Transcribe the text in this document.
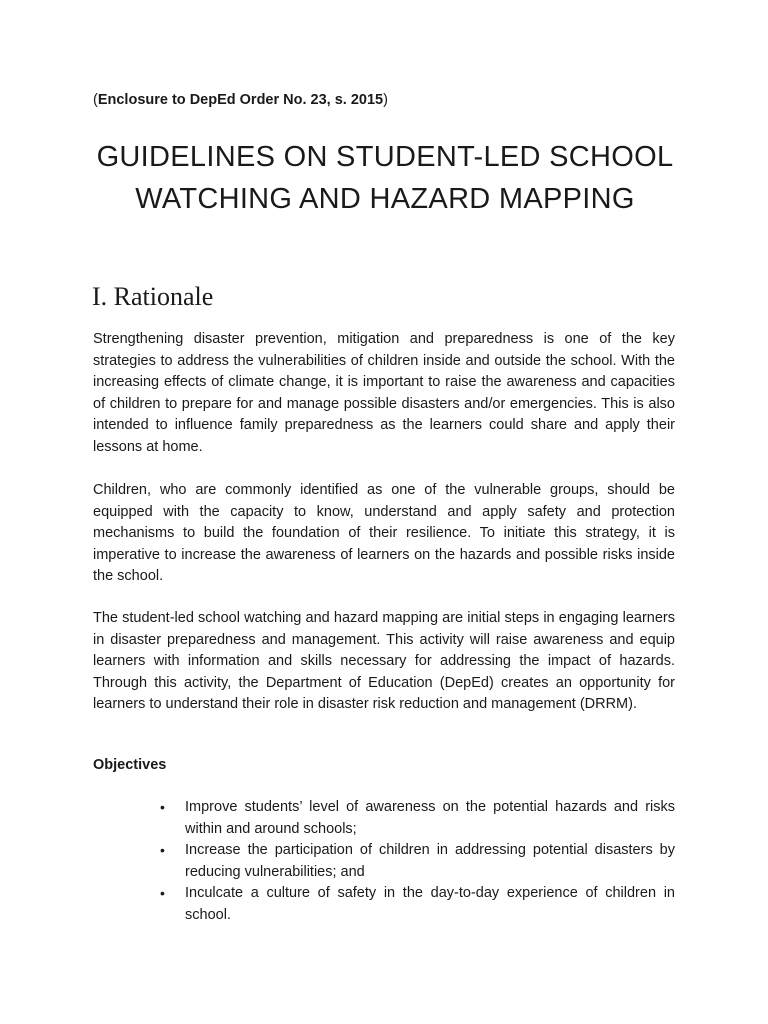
(Enclosure to DepEd Order No. 23, s. 2015)

GUIDELINES ON STUDENT-LED SCHOOL WATCHING AND HAZARD MAPPING
I. Rationale

Strengthening disaster prevention, mitigation and preparedness is one of the key strategies to address the vulnerabilities of children inside and outside the school. With the increasing effects of climate change, it is important to raise the awareness and capacities of children to prepare for and manage possible disasters and/or emergencies. This is also intended to influence family preparedness as the learners could share and apply their lessons at home.

Children, who are commonly identified as one of the vulnerable groups, should be equipped with the capacity to know, understand and apply safety and protection mechanisms to build the foundation of their resilience. To initiate this strategy, it is imperative to increase the awareness of learners on the hazards and possible risks inside the school.

The student-led school watching and hazard mapping are initial steps in engaging learners in disaster preparedness and management. This activity will raise awareness and equip learners with information and skills necessary for addressing the impact of hazards. Through this activity, the Department of Education (DepEd) creates an opportunity for learners to understand their role in disaster risk reduction and management (DRRM).

Objectives
• Improve students’ level of awareness on the potential hazards and risks within and around schools;
• Increase the participation of children in addressing potential disasters by reducing vulnerabilities; and
• Inculcate a culture of safety in the day-to-day experience of children in school.
